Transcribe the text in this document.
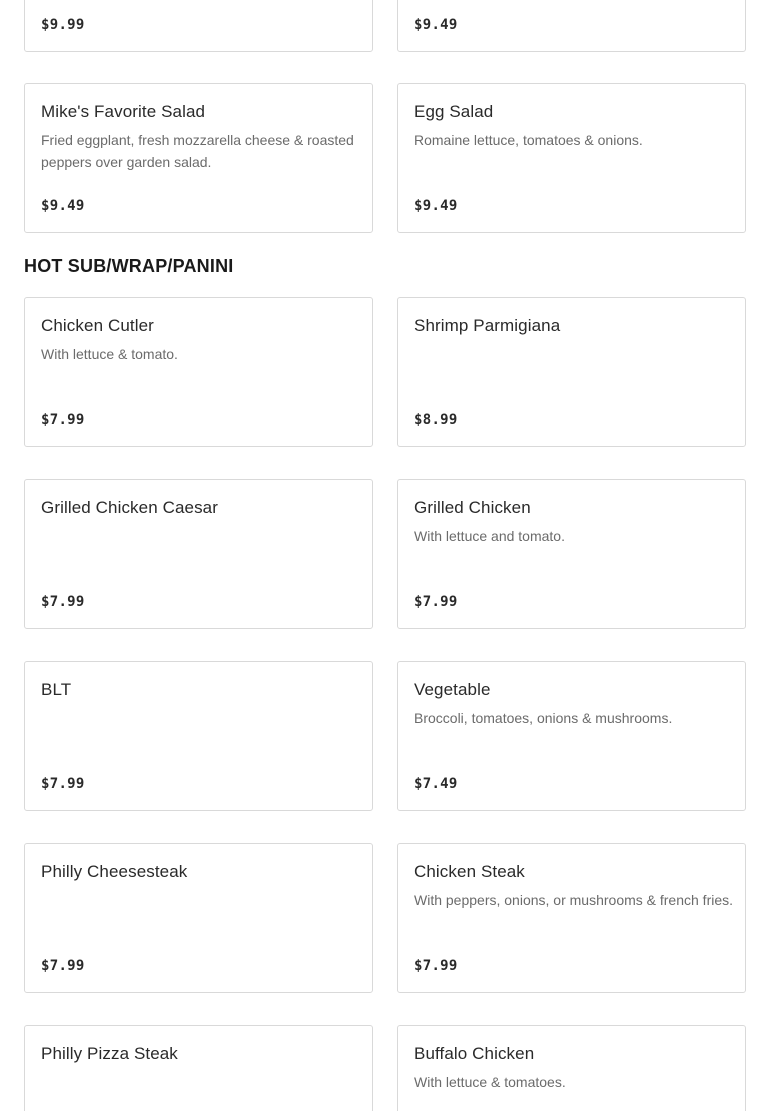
$9.99	$9.49
Mike's Favorite Salad
Fried eggplant, fresh mozzarella cheese & roasted peppers over garden salad.
$9.49
Egg Salad
Romaine lettuce, tomatoes & onions.
$9.49
HOT SUB/WRAP/PANINI
Chicken Cutler
With lettuce & tomato.
$7.99
Shrimp Parmigiana
$8.99
Grilled Chicken Caesar
$7.99
Grilled Chicken
With lettuce and tomato.
$7.99
BLT
$7.99
Vegetable
Broccoli, tomatoes, onions & mushrooms.
$7.49
Philly Cheesesteak
$7.99
Chicken Steak
With peppers, onions, or mushrooms & french fries.
$7.99
Philly Pizza Steak	Buffalo Chicken
With lettuce & tomatoes.
